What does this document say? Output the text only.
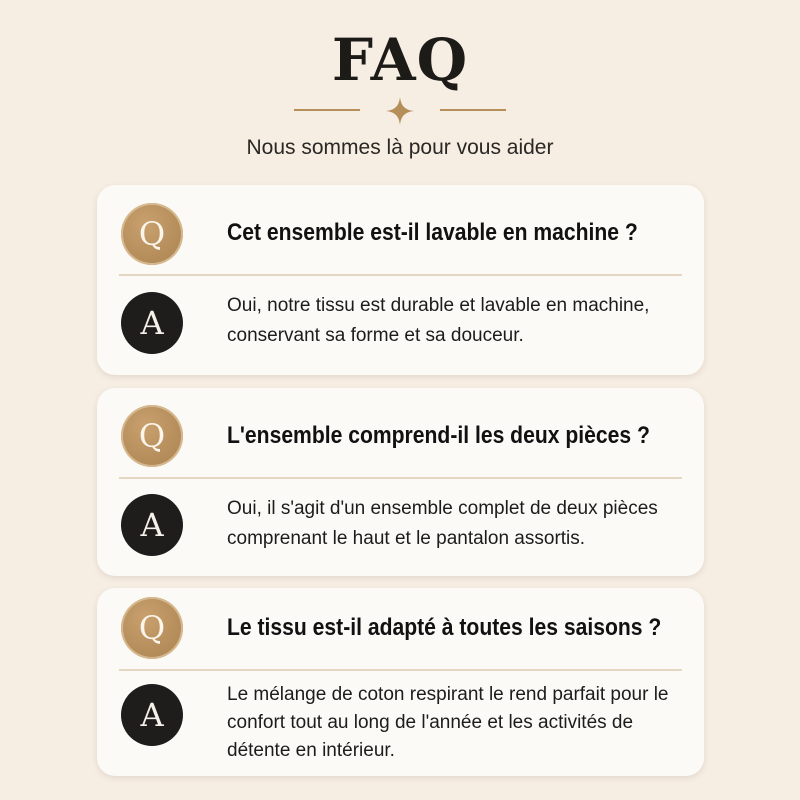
FAQ

Nous sommes là pour vous aider

Q	Cet ensemble est-il lavable en machine ?
A	Oui, notre tissu est durable et lavable en machine, conservant sa forme et sa douceur.
Q	L'ensemble comprend-il les deux pièces ?
A	Oui, il s'agit d'un ensemble complet de deux pièces comprenant le haut et le pantalon assortis.
Q	Le tissu est-il adapté à toutes les saisons ?
A
Le mélange de coton respirant le rend parfait pour le confort tout au long de l'année et les activités de détente en intérieur.
